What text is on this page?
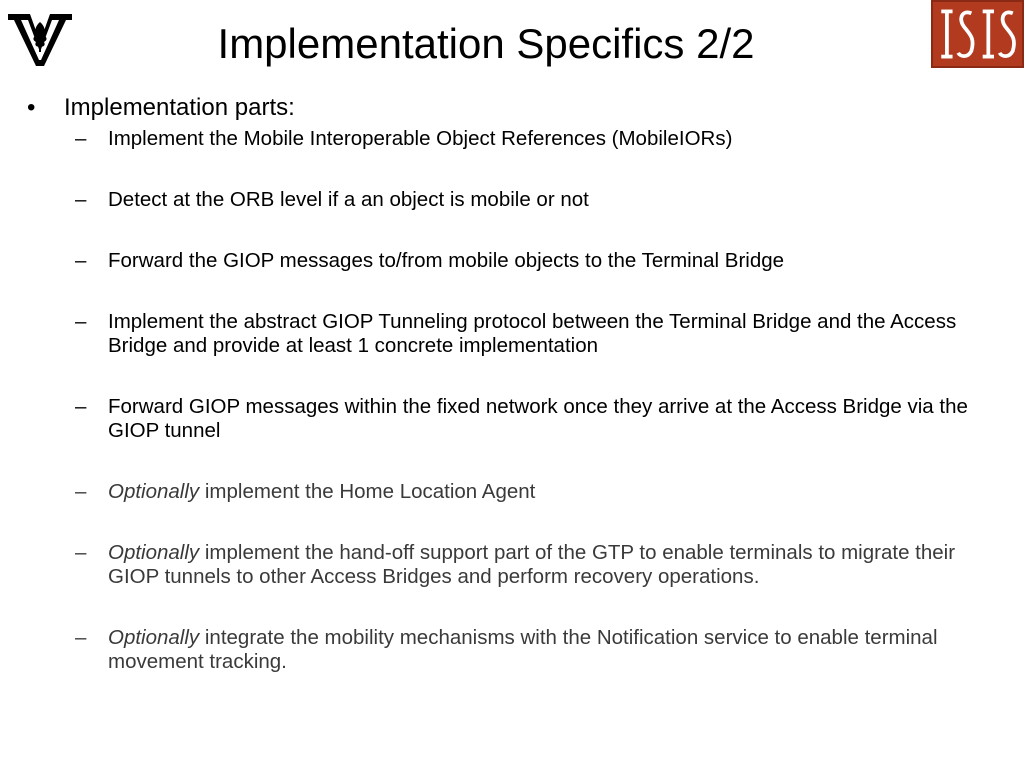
Implementation Specifics 2/2
•	Implementation parts:
–	Implement the Mobile Interoperable Object References (MobileIORs)
–	Detect at the ORB level if a an object is mobile or not
–	Forward the GIOP messages to/from mobile objects to the Terminal Bridge
–	Implement the abstract GIOP Tunneling protocol between the Terminal Bridge and the Access Bridge and provide at least 1 concrete implementation
–	Forward GIOP messages within the fixed network once they arrive at the Access Bridge via the GIOP tunnel
–	Optionally implement the Home Location Agent
–	Optionally implement the hand-off support part of the GTP to enable terminals to migrate their GIOP tunnels to other Access Bridges and perform recovery operations.
–	Optionally integrate the mobility mechanisms with the Notification service to enable terminal movement tracking.
